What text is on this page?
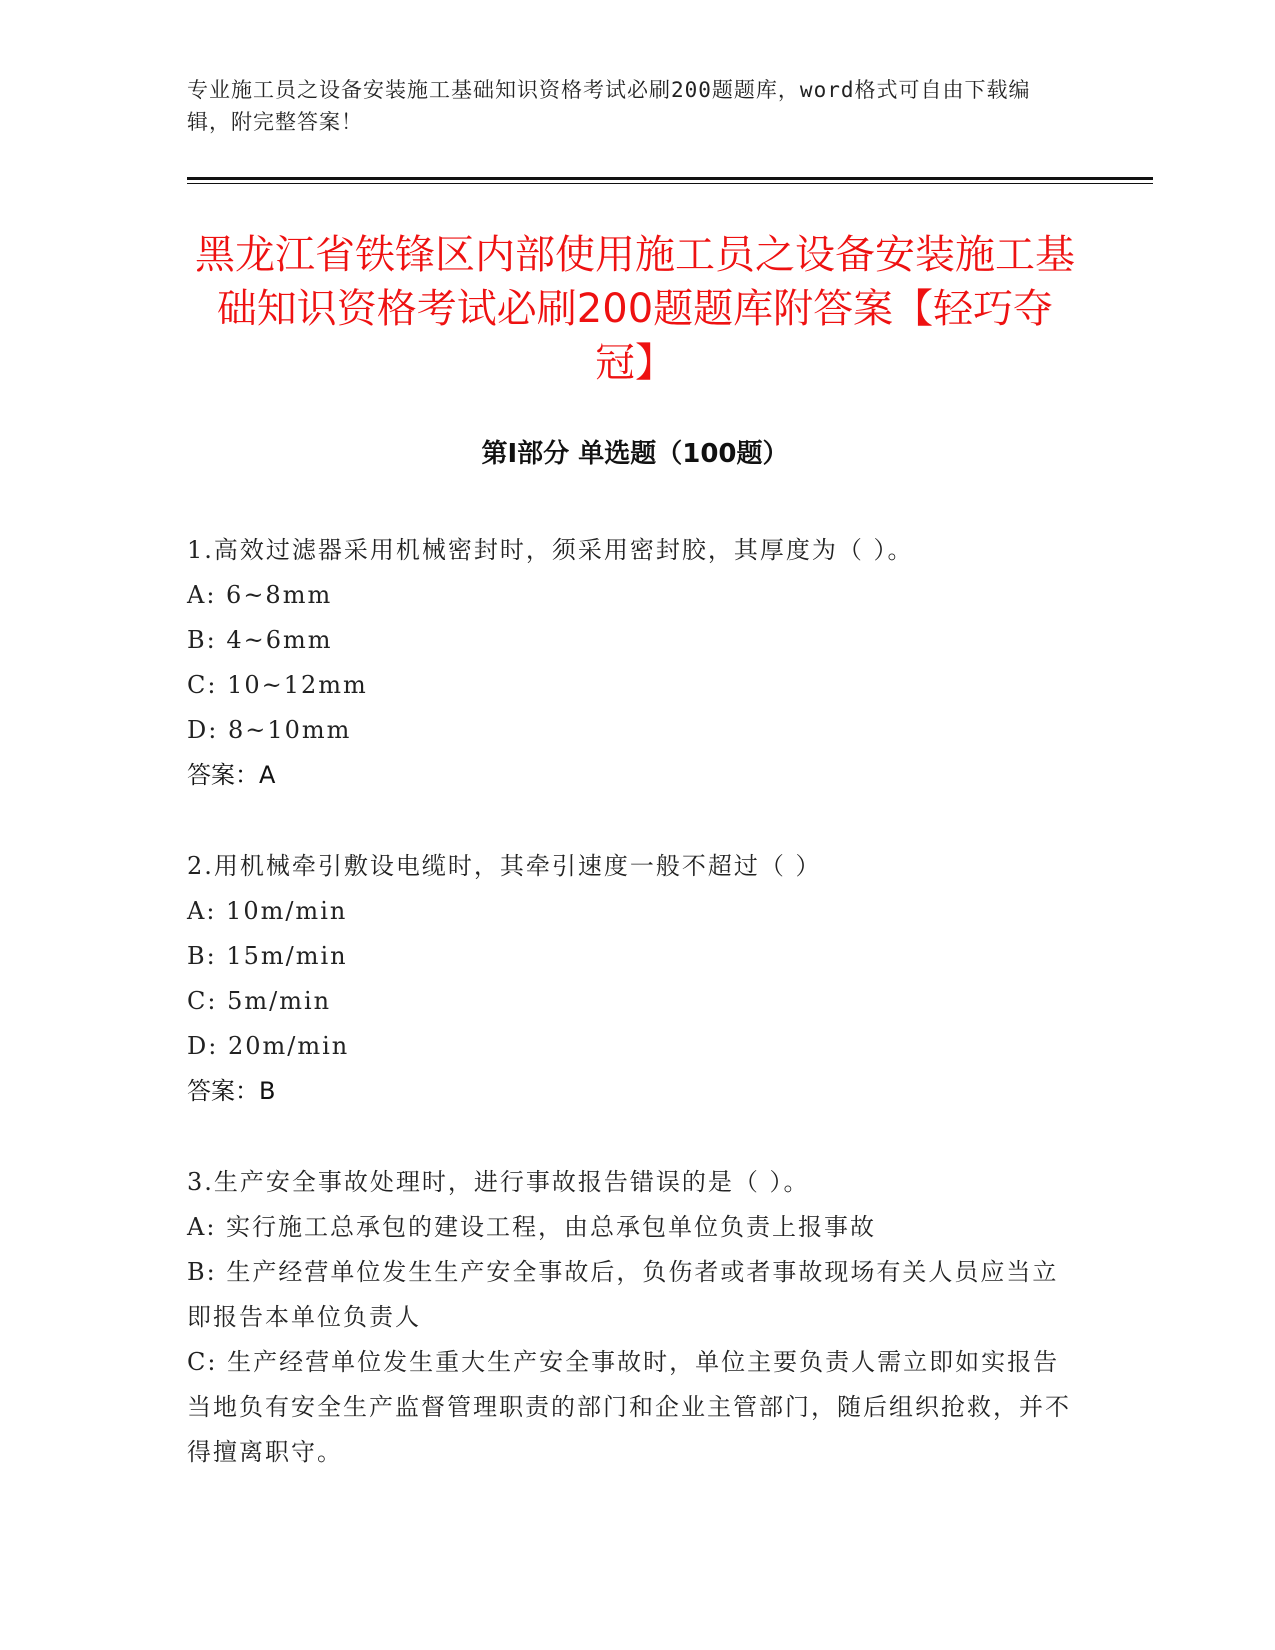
专业施工员之设备安装施工基础知识资格考试必刷200题题库，word格式可自由下载编辑，附完整答案！
黑龙江省铁锋区内部使用施工员之设备安装施工基础知识资格考试必刷200题题库附答案【轻巧夺冠】
第Ⅰ部分 单选题（100题）
1.高效过滤器采用机械密封时，须采用密封胶，其厚度为（ ）。
A: 6~8mm
B: 4~6mm
C: 10~12mm
D: 8~10mm
答案：A
2.用机械牵引敷设电缆时，其牵引速度一般不超过（ ）
A: 10m/min
B: 15m/min
C: 5m/min
D: 20m/min
答案：B
3.生产安全事故处理时，进行事故报告错误的是（ ）。
A: 实行施工总承包的建设工程，由总承包单位负责上报事故
B: 生产经营单位发生生产安全事故后，负伤者或者事故现场有关人员应当立即报告本单位负责人
C: 生产经营单位发生重大生产安全事故时，单位主要负责人需立即如实报告当地负有安全生产监督管理职责的部门和企业主管部门，随后组织抢救，并不得擅离职守。
